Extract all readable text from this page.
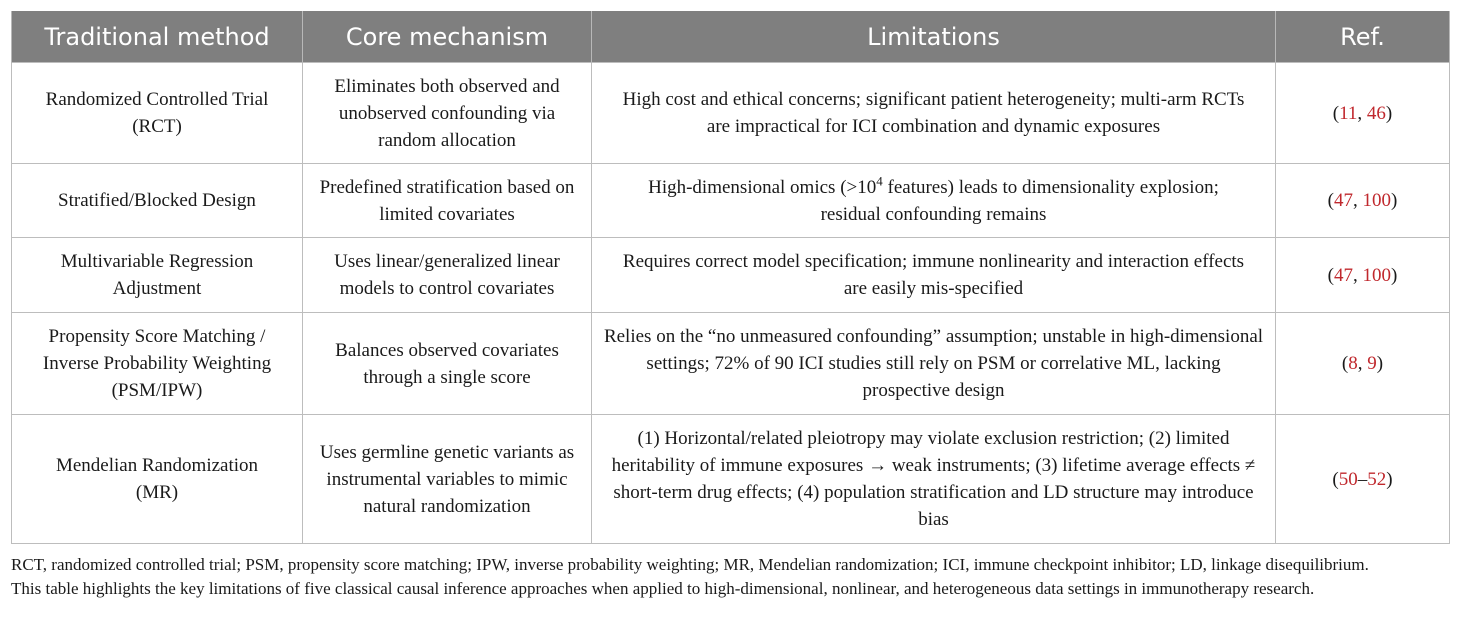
Traditional method	Core mechanism	Limitations	Ref.
Randomized Controlled Trial (RCT)	Eliminates both observed and unobserved confounding via random allocation	High cost and ethical concerns; significant patient heterogeneity; multi-arm RCTs are impractical for ICI combination and dynamic exposures	(11, 46)
Stratified/Blocked Design	Predefined stratification based on limited covariates	High-dimensional omics ($>10^4$ features) leads to dimensionality explosion; residual confounding remains	(47, 100)
Multivariable Regression Adjustment	Uses linear/generalized linear models to control covariates	Requires correct model specification; immune nonlinearity and interaction effects are easily mis-specified	(47, 100)
Propensity Score Matching / Inverse Probability Weighting (PSM/IPW)	Balances observed covariates through a single score	Relies on the “no unmeasured confounding” assumption; unstable in high-dimensional settings; 72% of 90 ICI studies still rely on PSM or correlative ML, lacking prospective design	(8, 9)
Mendelian Randomization (MR)	Uses germline genetic variants as instrumental variables to mimic natural randomization	(1) Horizontal/related pleiotropy may violate exclusion restriction; (2) limited heritability of immune exposures → weak instruments; (3) lifetime average effects ≠ short-term drug effects; (4) population stratification and LD structure may introduce bias	(50–52)

RCT, randomized controlled trial; PSM, propensity score matching; IPW, inverse probability weighting; MR, Mendelian randomization; ICI, immune checkpoint inhibitor; LD, linkage disequilibrium.

This table highlights the key limitations of five classical causal inference approaches when applied to high-dimensional, nonlinear, and heterogeneous data settings in immunotherapy research.
